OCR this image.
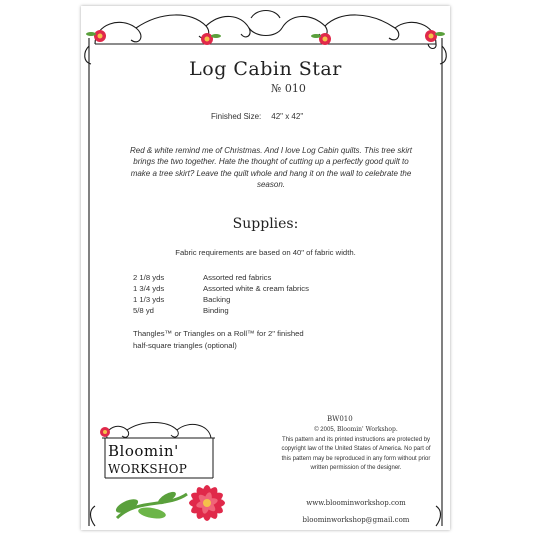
Log Cabin Star
№ 010
Finished Size: 42" x 42"
Red & white remind me of Christmas. And I love Log Cabin quilts. This tree skirt brings the two together. Hate the thought of cutting up a perfectly good quilt to make a tree skirt? Leave the quilt whole and hang it on the wall to celebrate the season.
Supplies:
Fabric requirements are based on 40" of fabric width.
2 1/8 yds	Assorted red fabrics
1 3/4 yds	Assorted white & cream fabrics
1 1/3 yds	Backing
5/8 yd	Binding
Thangles™ or Triangles on a Roll™ for 2" finished
half-square triangles (optional)
BW010
© 2005, Bloomin' Workshop.
This pattern and its printed instructions are protected by copyright law of the United States of America. No part of this pattern may be reproduced in any form without prior written permission of the designer.
www.bloominworkshop.com
bloominworkshop@gmail.com
Bloomin'
WORKSHOP
